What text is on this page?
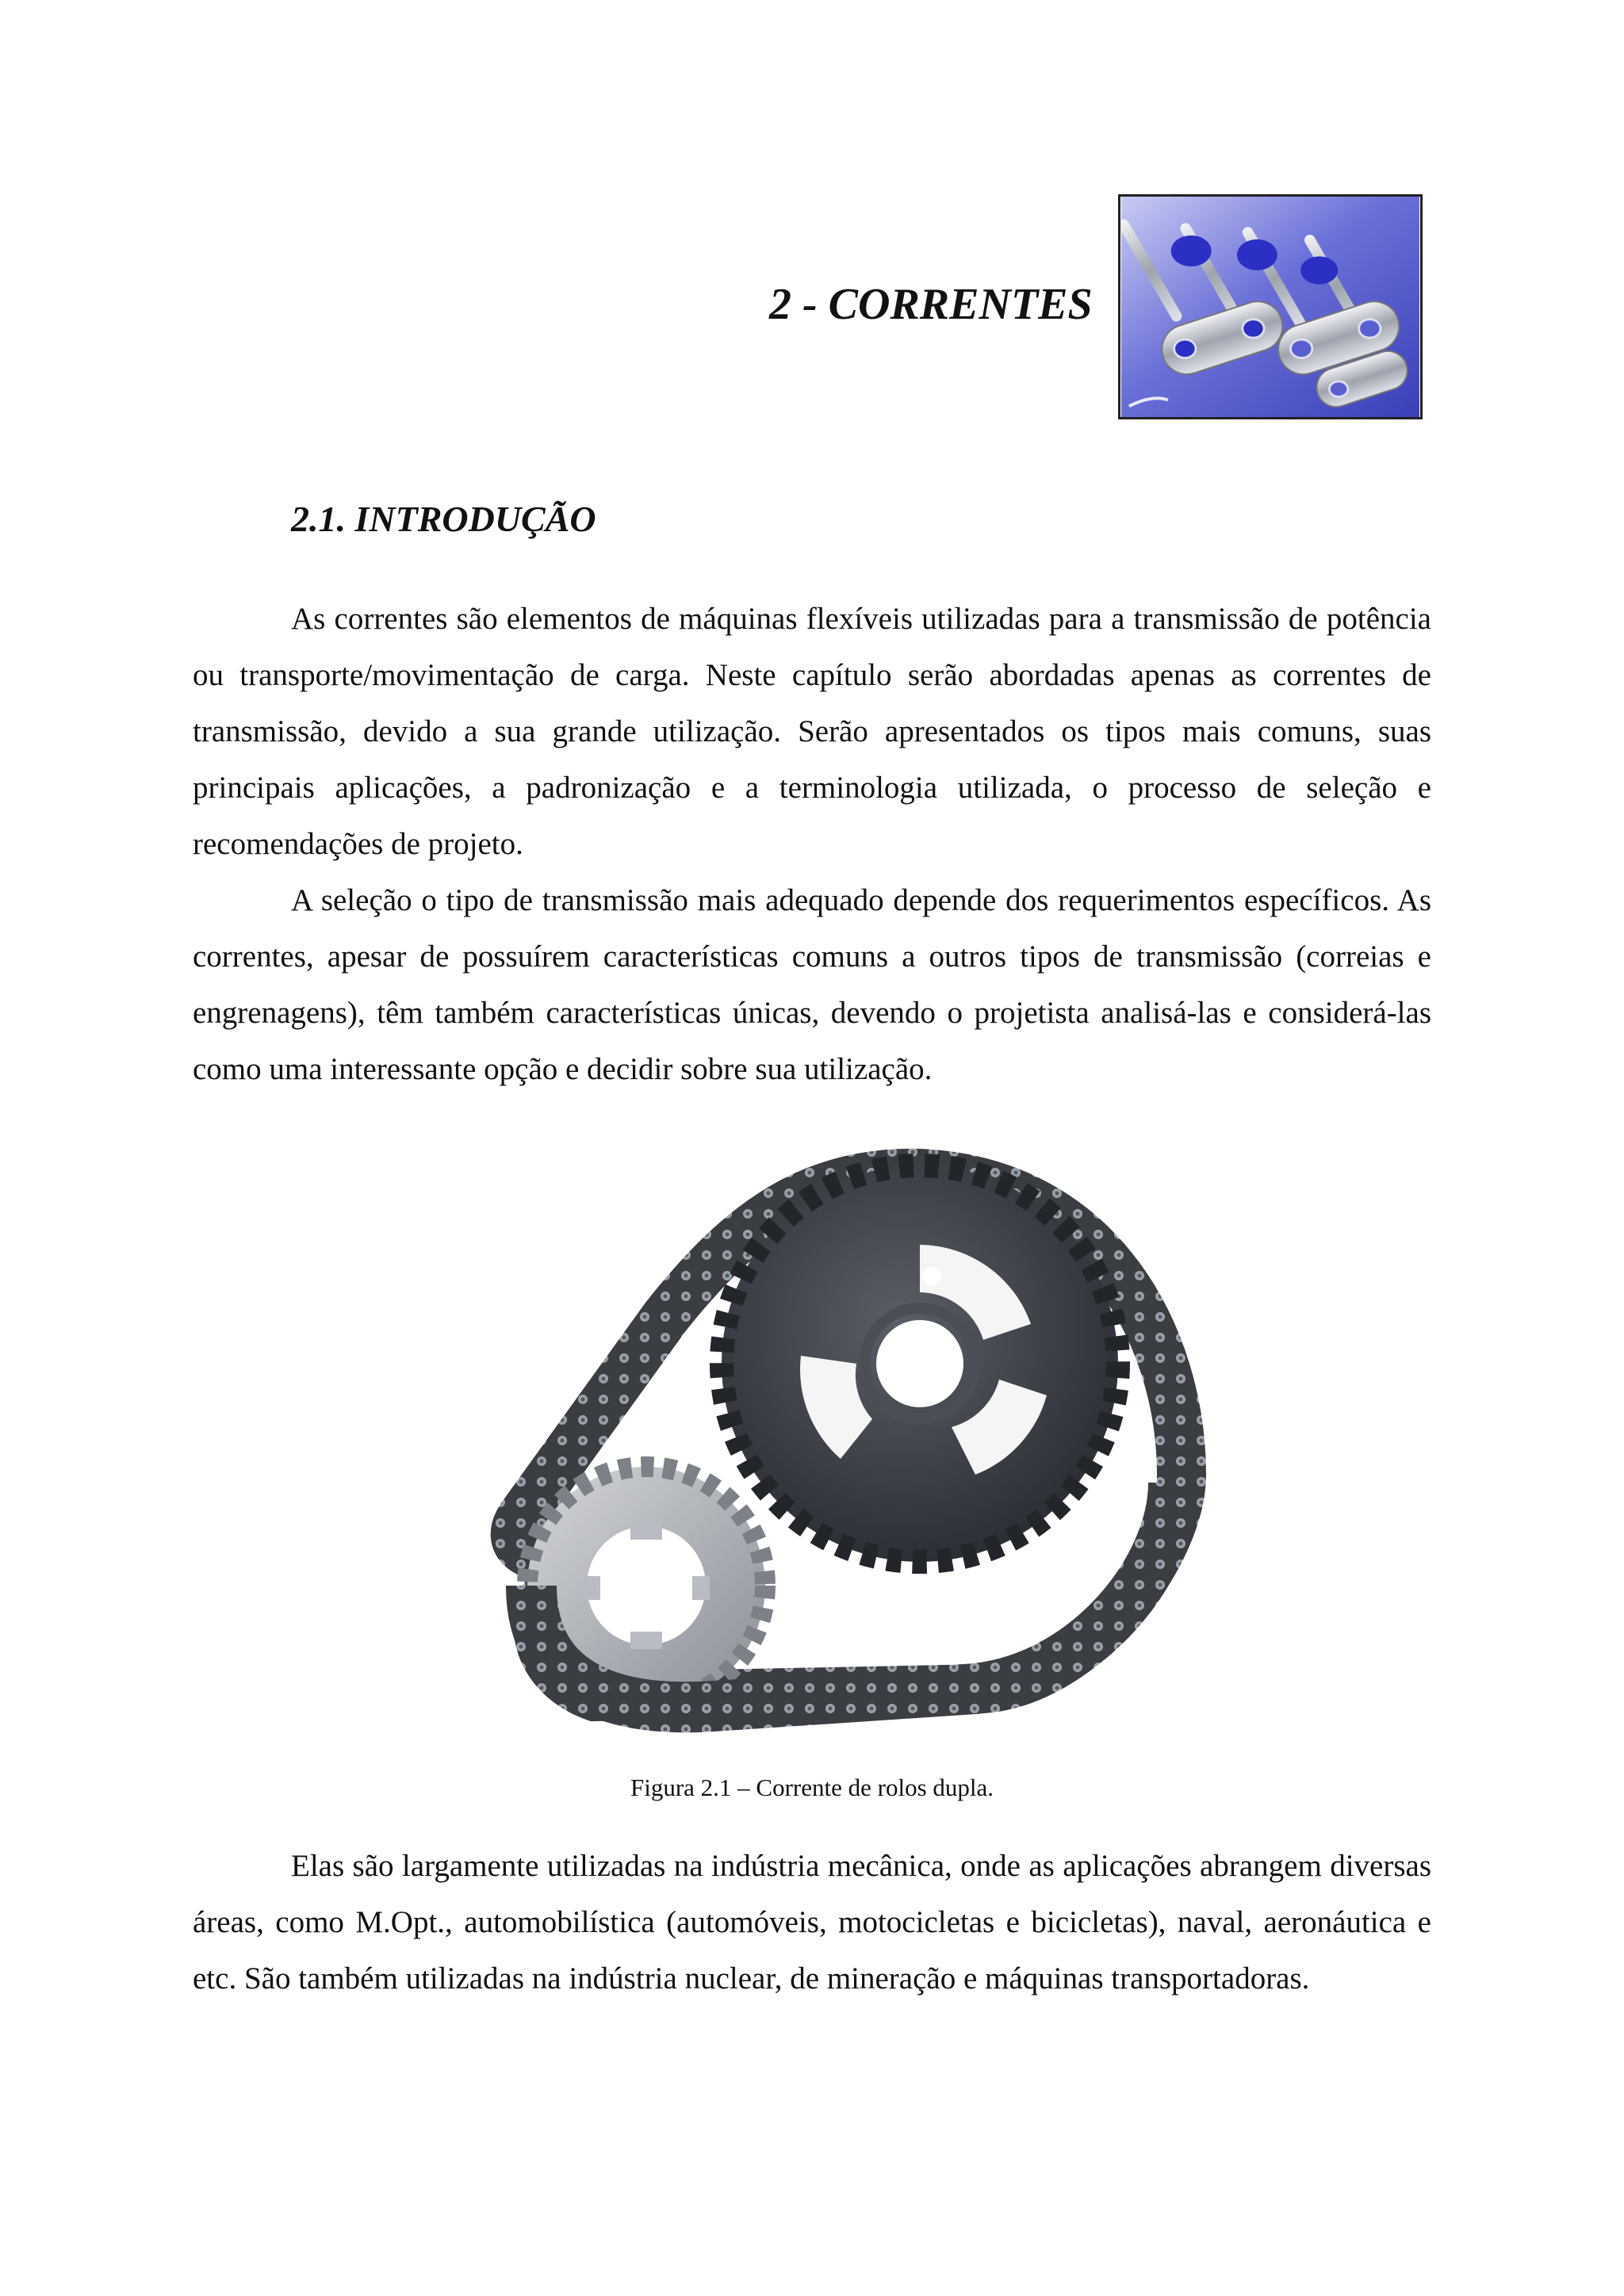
2 - CORRENTES
2.1. INTRODUÇÃO

As correntes são elementos de máquinas flexíveis utilizadas para a transmissão de potência ou transporte/movimentação de carga. Neste capítulo serão abordadas apenas as correntes de transmissão, devido a sua grande utilização. Serão apresentados os tipos mais comuns, suas principais aplicações, a padronização e a terminologia utilizada, o processo de seleção e recomendações de projeto.

A seleção o tipo de transmissão mais adequado depende dos requerimentos específicos. As correntes, apesar de possuírem características comuns a outros tipos de transmissão (correias e engrenagens), têm também características únicas, devendo o projetista analisá-las e considerá-las como uma interessante opção e decidir sobre sua utilização.

Figura 2.1 – Corrente de rolos dupla.

Elas são largamente utilizadas na indústria mecânica, onde as aplicações abrangem diversas áreas, como M.Opt., automobilística (automóveis, motocicletas e bicicletas), naval, aeronáutica e etc. São também utilizadas na indústria nuclear, de mineração e máquinas transportadoras.
